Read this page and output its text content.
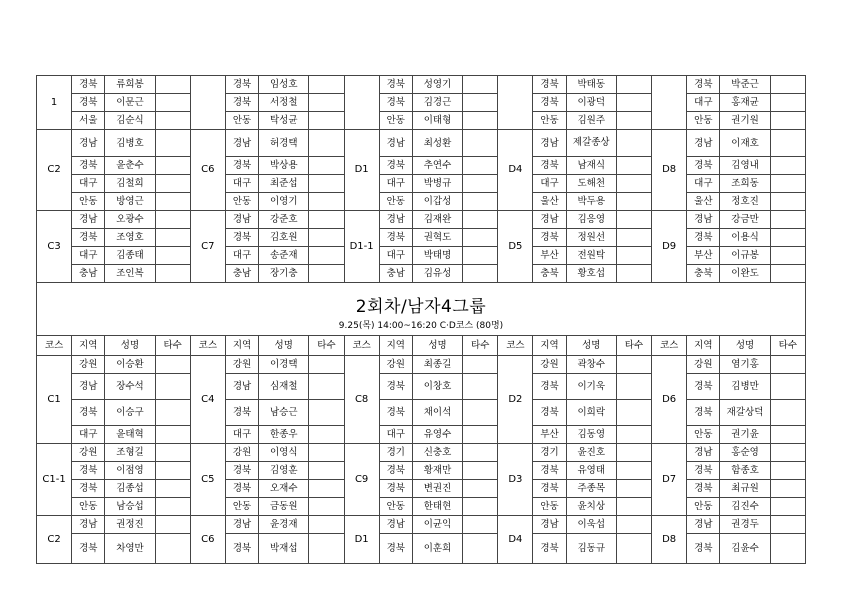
1	경북	류희봉			경북	임성호			경북	성영기			경북	박태동			경북	박준근	
	경북	이문근			경북	서정철			경북	김경근			경북	이광덕			대구	홍재균	
	서울	김순식			안동	탁성균			안동	이태형			안동	김원주			안동	권기원	
C2	경남	김병호		C6	경남	허경택		D1	경남	최성환		D4	경남	제갈종상		D8	경남	이재호	
	경북	윤춘수			경북	박상용			경북	추연수			경북	남재식			경북	김영내	
	대구	김철희			대구	최준섭			대구	박병규			대구	도해천			대구	조희동	
	안동	방영근			안동	이영기			안동	이갑성			울산	박두용			울산	정호진	
C3	경남	오광수		C7	경남	강준호		D1-1	경남	김재완		D5	경남	김응영		D9	경남	강금만	
	경북	조영호			경북	김호원			경북	권혁도			경북	정원선			경북	이용식	
	대구	김종태			대구	송준재			대구	박태명			부산	전원탁			부산	이규봉	
	충남	조인복			충남	장기충			충남	김유성			충북	황호섭			충북	이완도	
2회차/남자4그룹
9.25(목) 14:00~16:20 C·D코스 (80명)
코스	지역	성명	타수	코스	지역	성명	타수	코스	지역	성명	타수	코스	지역	성명	타수	코스	지역	성명	타수
C1	강원	이승환		C4	강원	이경택		C8	강원	최종길		D2	강원	곽창수		D6	강원	염기홍	
	경남	장수석			경남	심재철			경북	이창호			경북	이기욱			경북	김병만	
	경북	이승구			경북	남승근			경북	채이석			경북	이희락			경북	재갈상덕	
	대구	윤태혁			대구	한종우			대구	유영수			부산	김동영			안동	권기윤	
C1-1	강원	조형길		C5	강원	이영식		C9	경기	신충호		D3	경기	윤진호		D7	경남	홍순영	
	경북	이점영			경북	김영훈			경북	황재만			경북	유영태			경북	함종호	
	경북	김종섭			경북	오재수			경북	변권진			경북	주종목			경북	최규원	
	안동	남승섭			안동	금동원			안동	한태현			안동	윤치상			안동	김진수	
C2	경남	권정진		C6	경남	윤경재		D1	경남	이균익		D4	경남	이욱섭		D8	경남	권경두	
	경북	차영만			경북	박재섭			경북	이훈희			경북	김동규			경북	김윤수	
